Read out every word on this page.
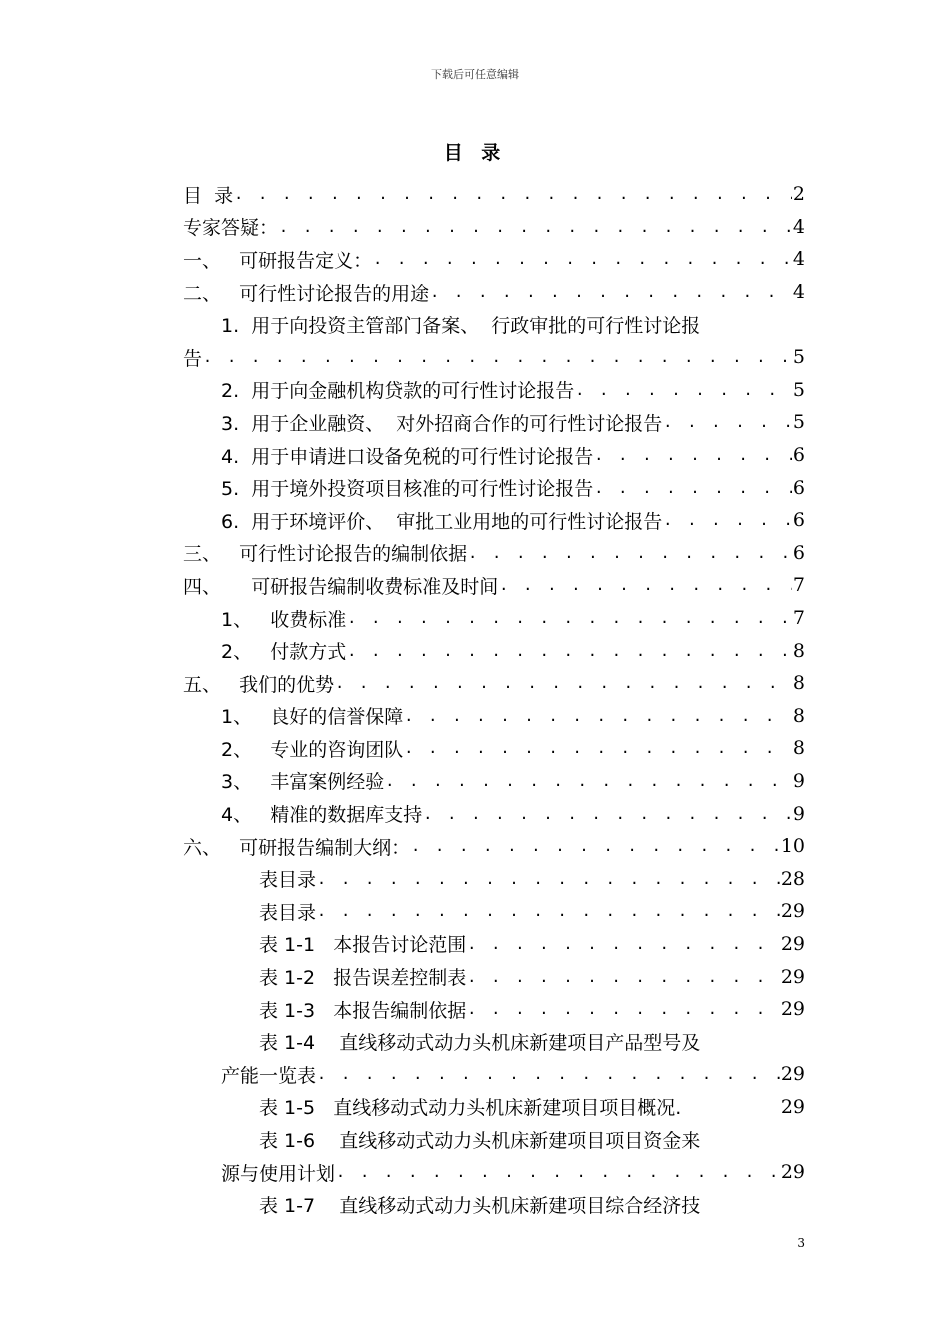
下载后可任意编辑
目 录
目  录 . . .	2
专家答疑： . . .	4
一、   可研报告定义： . . .	4
二、   可行性讨论报告的用途 . . .	4
1.  用于向投资主管部门备案、  行政审批的可行性讨论报
告 . . .	5
2.  用于向金融机构贷款的可行性讨论报告 . . .	5
3.  用于企业融资、  对外招商合作的可行性讨论报告 . . .	5
4.  用于申请进口设备免税的可行性讨论报告 . . .	6
5.  用于境外投资项目核准的可行性讨论报告 . . .	6
6.  用于环境评价、  审批工业用地的可行性讨论报告 . . .	6
三、   可行性讨论报告的编制依据 . . .	6
四、     可研报告编制收费标准及时间 . . .	7
1、   收费标准 . . .	7
2、   付款方式 . . .	8
五、   我们的优势 . . .	8
1、   良好的信誉保障 . . .	8
2、   专业的咨询团队 . . .	8
3、   丰富案例经验 . . .	9
4、   精准的数据库支持 . . .	9
六、   可研报告编制大纲： . . .	10
表目录 . . .	28
表目录 . . .	29
表 1-1   本报告讨论范围 . . .	29
表 1-2   报告误差控制表 . . .	29
表 1-3   本报告编制依据 . . .	29
表 1-4    直线移动式动力头机床新建项目产品型号及
产能一览表 . . .	29
表 1-5   直线移动式动力头机床新建项目项目概况.	29
表 1-6    直线移动式动力头机床新建项目项目资金来
源与使用计划 . . .	29
表 1-7    直线移动式动力头机床新建项目综合经济技
3
